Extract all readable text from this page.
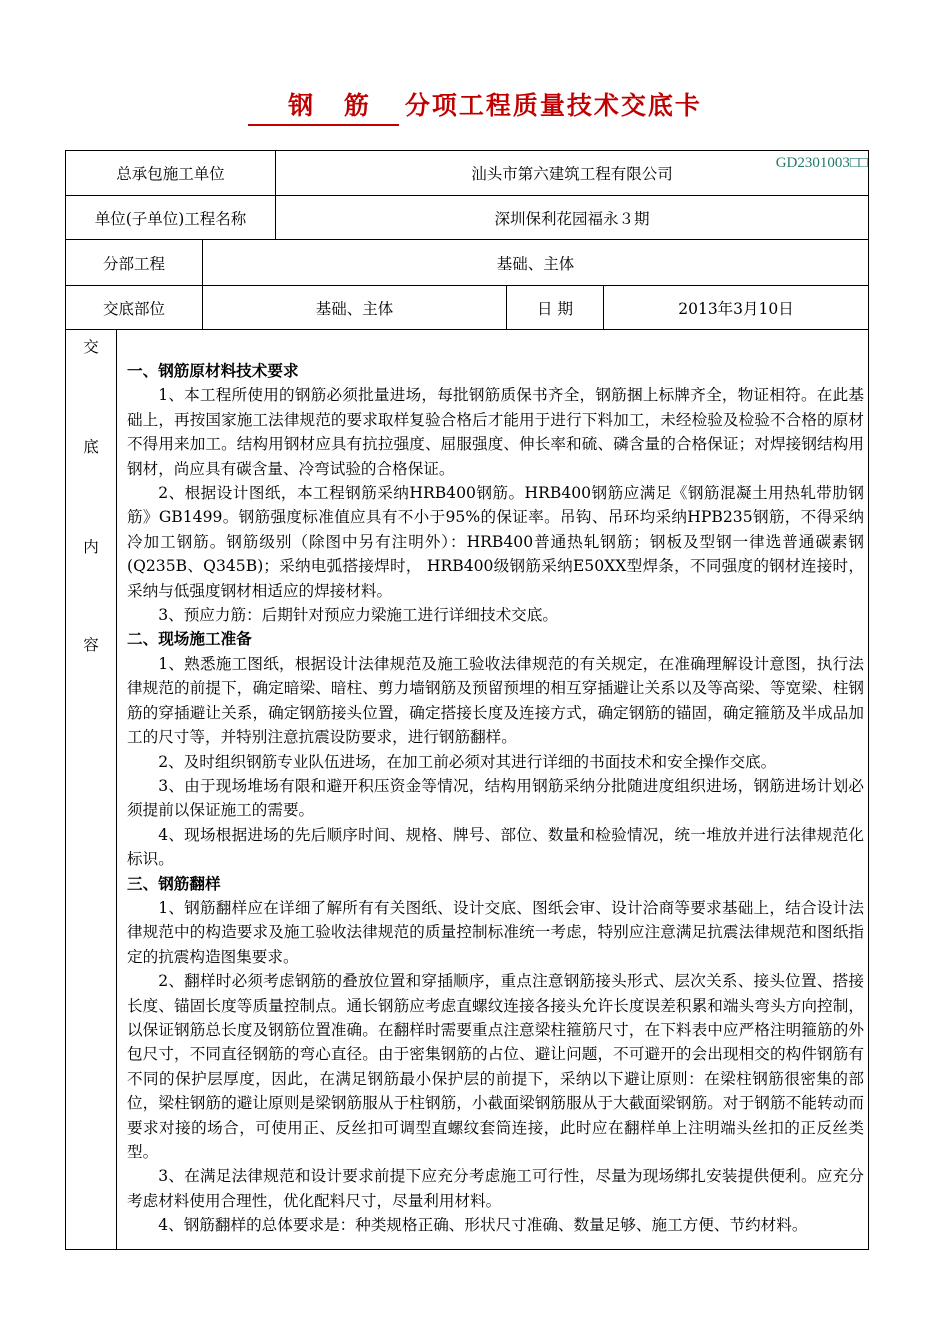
钢 筋 分项工程质量技术交底卡
GD2301003□□
总承包施工单位	汕头市第六建筑工程有限公司
单位(子单位)工程名称	深圳保利花园福永３期
分部工程	基础、主体
交底部位	基础、主体	日 期	2013年3月10日
交
底
内
容
一、钢筋原材料技术要求

1、本工程所使用的钢筋必须批量进场，每批钢筋质保书齐全，钢筋捆上标牌齐全，物证相符。在此基础上，再按国家施工法律规范的要求取样复验合格后才能用于进行下料加工，未经检验及检验不合格的原材不得用来加工。结构用钢材应具有抗拉强度、屈服强度、伸长率和硫、磷含量的合格保证；对焊接钢结构用钢材，尚应具有碳含量、冷弯试验的合格保证。

2、根据设计图纸，本工程钢筋采纳HRB400钢筋。HRB400钢筋应满足《钢筋混凝土用热轧带肋钢筋》GB1499。钢筋强度标准值应具有不小于95%的保证率。吊钩、吊环均采纳HPB235钢筋，不得采纳冷加工钢筋。钢筋级别（除图中另有注明外）：HRB400普通热轧钢筋；钢板及型钢一律选普通碳素钢(Q235B、Q345B)；采纳电弧搭接焊时， HRB400级钢筋采纳E50XX型焊条，不同强度的钢材连接时，采纳与低强度钢材相适应的焊接材料。

3、预应力筋：后期针对预应力梁施工进行详细技术交底。

二、现场施工准备

1、熟悉施工图纸，根据设计法律规范及施工验收法律规范的有关规定，在准确理解设计意图，执行法律规范的前提下，确定暗梁、暗柱、剪力墙钢筋及预留预埋的相互穿插避让关系以及等高梁、等宽梁、柱钢筋的穿插避让关系，确定钢筋接头位置，确定搭接长度及连接方式，确定钢筋的锚固，确定箍筋及半成品加工的尺寸等，并特别注意抗震设防要求，进行钢筋翻样。

2、及时组织钢筋专业队伍进场，在加工前必须对其进行详细的书面技术和安全操作交底。

3、由于现场堆场有限和避开积压资金等情况，结构用钢筋采纳分批随进度组织进场，钢筋进场计划必须提前以保证施工的需要。

4、现场根据进场的先后顺序时间、规格、牌号、部位、数量和检验情况，统一堆放并进行法律规范化标识。

三、钢筋翻样

1、钢筋翻样应在详细了解所有有关图纸、设计交底、图纸会审、设计洽商等要求基础上，结合设计法律规范中的构造要求及施工验收法律规范的质量控制标准统一考虑，特别应注意满足抗震法律规范和图纸指定的抗震构造图集要求。

2、翻样时必须考虑钢筋的叠放位置和穿插顺序，重点注意钢筋接头形式、层次关系、接头位置、搭接长度、锚固长度等质量控制点。通长钢筋应考虑直螺纹连接各接头允许长度误差积累和端头弯头方向控制，以保证钢筋总长度及钢筋位置准确。在翻样时需要重点注意梁柱箍筋尺寸，在下料表中应严格注明箍筋的外包尺寸，不同直径钢筋的弯心直径。由于密集钢筋的占位、避让问题，不可避开的会出现相交的构件钢筋有不同的保护层厚度，因此，在满足钢筋最小保护层的前提下，采纳以下避让原则：在梁柱钢筋很密集的部位，梁柱钢筋的避让原则是梁钢筋服从于柱钢筋，小截面梁钢筋服从于大截面梁钢筋。对于钢筋不能转动而要求对接的场合，可使用正、反丝扣可调型直螺纹套筒连接，此时应在翻样单上注明端头丝扣的正反丝类型。

3、在满足法律规范和设计要求前提下应充分考虑施工可行性，尽量为现场绑扎安装提供便利。应充分考虑材料使用合理性，优化配料尺寸，尽量利用材料。

4、钢筋翻样的总体要求是：种类规格正确、形状尺寸准确、数量足够、施工方便、节约材料。
